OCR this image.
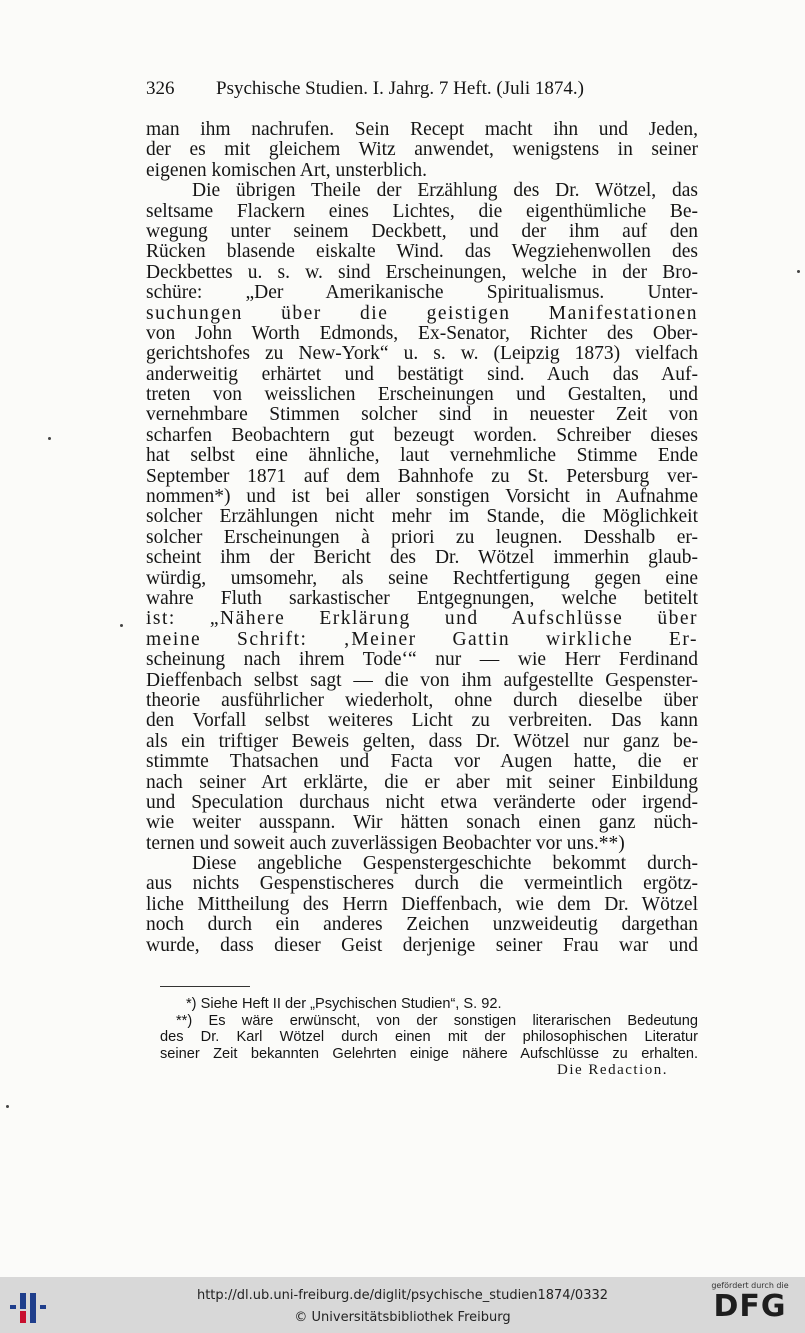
326 Psychische Studien. I. Jahrg. 7 Heft. (Juli 1874.)
man ihm nachrufen. Sein Recept macht ihn und Jeden,
der es mit gleichem Witz anwendet, wenigstens in seiner
eigenen komischen Art, unsterblich.
Die übrigen Theile der Erzählung des Dr. Wötzel, das
seltsame Flackern eines Lichtes, die eigenthümliche Be-
wegung unter seinem Deckbett, und der ihm auf den
Rücken blasende eiskalte Wind. das Wegziehenwollen des
Deckbettes u. s. w. sind Erscheinungen, welche in der Bro-
schüre: „Der Amerikanische Spiritualismus. Unter-
suchungen über die geistigen Manifestationen
von John Worth Edmonds, Ex-Senator, Richter des Ober-
gerichtshofes zu New-York“ u. s. w. (Leipzig 1873) vielfach
anderweitig erhärtet und bestätigt sind. Auch das Auf-
treten von weisslichen Erscheinungen und Gestalten, und
vernehmbare Stimmen solcher sind in neuester Zeit von
scharfen Beobachtern gut bezeugt worden. Schreiber dieses
hat selbst eine ähnliche, laut vernehmliche Stimme Ende
September 1871 auf dem Bahnhofe zu St. Petersburg ver-
nommen*) und ist bei aller sonstigen Vorsicht in Aufnahme
solcher Erzählungen nicht mehr im Stande, die Möglichkeit
solcher Erscheinungen à priori zu leugnen. Desshalb er-
scheint ihm der Bericht des Dr. Wötzel immerhin glaub-
würdig, umsomehr, als seine Rechtfertigung gegen eine
wahre Fluth sarkastischer Entgegnungen, welche betitelt
ist: „Nähere Erklärung und Aufschlüsse über
meine Schrift: ‚Meiner Gattin wirkliche Er-
scheinung nach ihrem Tode‘“ nur — wie Herr Ferdinand
Dieffenbach selbst sagt — die von ihm aufgestellte Gespenster-
theorie ausführlicher wiederholt, ohne durch dieselbe über
den Vorfall selbst weiteres Licht zu verbreiten. Das kann
als ein triftiger Beweis gelten, dass Dr. Wötzel nur ganz be-
stimmte Thatsachen und Facta vor Augen hatte, die er
nach seiner Art erklärte, die er aber mit seiner Einbildung
und Speculation durchaus nicht etwa veränderte oder irgend-
wie weiter ausspann. Wir hätten sonach einen ganz nüch-
ternen und soweit auch zuverlässigen Beobachter vor uns.**)
Diese angebliche Gespenstergeschichte bekommt durch-
aus nichts Gespenstischeres durch die vermeintlich ergötz-
liche Mittheilung des Herrn Dieffenbach, wie dem Dr. Wötzel
noch durch ein anderes Zeichen unzweideutig dargethan
wurde, dass dieser Geist derjenige seiner Frau war und
*) Siehe Heft II der „Psychischen Studien“, S. 92.
**) Es wäre erwünscht, von der sonstigen literarischen Bedeutung
des Dr. Karl Wötzel durch einen mit der philosophischen Literatur
seiner Zeit bekannten Gelehrten einige nähere Aufschlüsse zu erhalten.
Die Redaction.
http://dl.ub.uni-freiburg.de/diglit/psychische_studien1874/0332
© Universitätsbibliothek Freiburg
gefördert durch die
DFG
